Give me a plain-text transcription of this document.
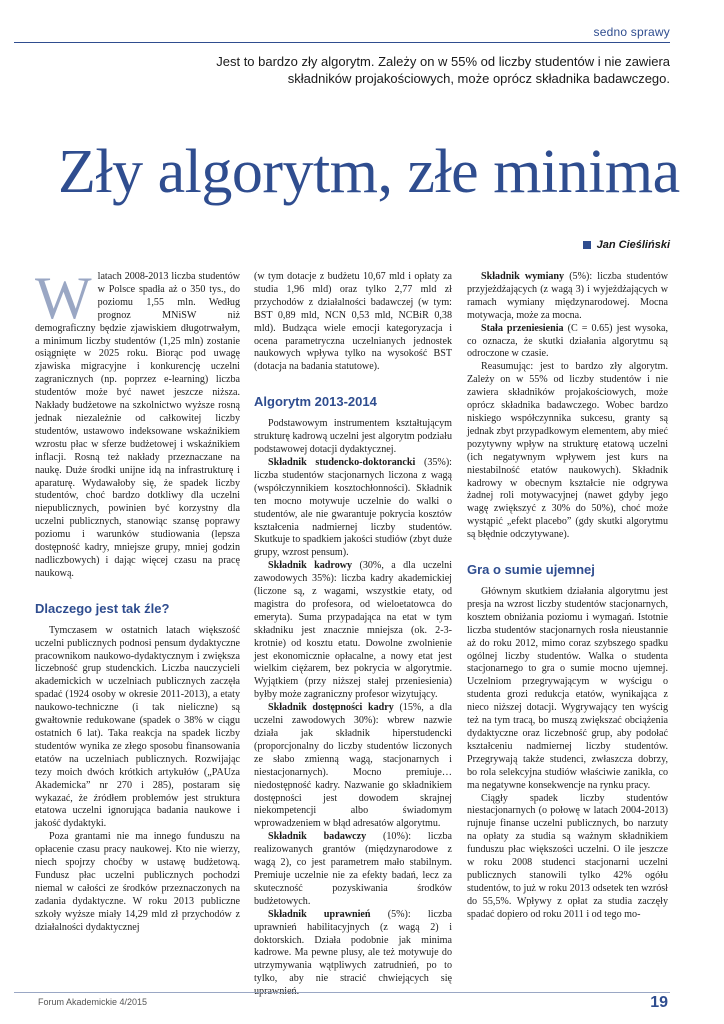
sedno sprawy
Jest to bardzo zły algorytm. Zależy on w 55% od liczby studentów i nie zawiera
składników projakościowych, może oprócz składnika badawczego.
Zły algorytm, złe minima
Jan Cieśliński

Wlatach 2008-2013 liczba studentów w Polsce spadła aż o 350 tys., do poziomu 1,55 mln. Według prognoz MNiSW niż demograficzny będzie zjawiskiem długotrwałym, a minimum liczby studentów (1,25 mln) zostanie osiągnięte w 2025 roku. Biorąc pod uwagę zjawiska migracyjne i konkurencję uczelni zagranicznych (np. poprzez e-learning) liczba studentów może być nawet jeszcze niższa. Nakłady budżetowe na szkolnictwo wyższe rosną jednak niezależnie od całkowitej liczby studentów, ustawowo indeksowane wskaźnikiem wzrostu płac w sferze budżetowej i wskaźnikiem inflacji. Rosną też nakłady przeznaczane na naukę. Duże środki unijne idą na infrastrukturę i aparaturę. Wydawałoby się, że spadek liczby studentów, choć bardzo dotkliwy dla uczelni niepublicznych, powinien być korzystny dla uczelni publicznych, stanowiąc szansę poprawy poziomu i warunków studiowania (lepsza dostępność kadry, mniejsze grupy, mniej godzin nadliczbowych) i dając więcej czasu na pracę naukową.

Dlaczego jest tak źle?

Tymczasem w ostatnich latach większość uczelni publicznych podnosi pensum dydaktyczne pracownikom naukowo-dydaktycznym i zwiększa liczebność grup studenckich. Liczba nauczycieli akademickich w uczelniach publicznych zaczęła spadać (1924 osoby w okresie 2011-2013), a etaty naukowo-techniczne (i tak nieliczne) są gwałtownie redukowane (spadek o 38% w ciągu ostatnich 6 lat). Taka reakcja na spadek liczby studentów wynika ze złego sposobu finansowania etatów na uczelniach publicznych. Rozwijając tezy moich dwóch krótkich artykułów („PAUza Akademicka” nr 270 i 285), postaram się wykazać, że źródłem problemów jest struktura etatowa uczelni ignorująca badania naukowe i jakość dydaktyki.

Poza grantami nie ma innego funduszu na opłacenie czasu pracy naukowej. Kto nie wierzy, niech spojrzy choćby w ustawę budżetową. Fundusz płac uczelni publicznych pochodzi niemal w całości ze środków przeznaczonych na zadania dydaktyczne. W roku 2013 publiczne szkoły wyższe miały 14,29 mld zł przychodów z działalności dydaktycznej

(w tym dotacje z budżetu 10,67 mld i opłaty za studia 1,96 mld) oraz tylko 2,77 mld zł przychodów z działalności badawczej (w tym: BST 0,89 mld, NCN 0,53 mld, NCBiR 0,38 mld). Budząca wiele emocji kategoryzacja i ocena parametryczna uczelnianych jednostek naukowych wpływa tylko na wysokość BST (dotacja na badania statutowe).

Algorytm 2013-2014

Podstawowym instrumentem kształtującym strukturę kadrową uczelni jest algorytm podziału podstawowej dotacji dydaktycznej.

Składnik studencko-doktorancki (35%): liczba studentów stacjonarnych liczona z wagą (współczynnikiem kosztochłonności). Składnik ten mocno motywuje uczelnie do walki o studentów, ale nie gwarantuje pokrycia kosztów kształcenia nadmiernej liczby studentów. Skutkuje to spadkiem jakości studiów (zbyt duże grupy, wzrost pensum).

Składnik kadrowy (30%, a dla uczelni zawodowych 35%): liczba kadry akademickiej (liczone są, z wagami, wszystkie etaty, od magistra do profesora, od wieloetatowca do emeryta). Suma przypadająca na etat w tym składniku jest znacznie mniejsza (ok. 2-3-krotnie) od kosztu etatu. Dowolne zwolnienie jest ekonomicznie opłacalne, a nowy etat jest wielkim ciężarem, bez pokrycia w algorytmie. Wyjątkiem (przy niższej stałej przeniesienia) byłby może zagraniczny profesor wizytujący.

Składnik dostępności kadry (15%, a dla uczelni zawodowych 30%): wbrew nazwie działa jak składnik hiperstudencki (proporcjonalny do liczby studentów liczonych ze słabo zmienną wagą, stacjonarnych i niestacjonarnych). Mocno premiuje… niedostępność kadry. Nazwanie go składnikiem dostępności jest dowodem skrajnej niekompetencji albo świadomym wprowadzeniem w błąd adresatów algorytmu.

Składnik badawczy (10%): liczba realizowanych grantów (międzynarodowe z wagą 2), co jest parametrem mało stabilnym. Premiuje uczelnie nie za efekty badań, lecz za skuteczność pozyskiwania środków budżetowych.

Składnik uprawnień (5%): liczba uprawnień habilitacyjnych (z wagą 2) i doktorskich. Działa podobnie jak minima kadrowe. Ma pewne plusy, ale też motywuje do utrzymywania wątpliwych zatrudnień, po to tylko, aby nie stracić chwiejących się uprawnień.

Składnik wymiany (5%): liczba studentów przyjeżdżających (z wagą 3) i wyjeżdżających w ramach wymiany międzynarodowej. Mocna motywacja, może za mocna.

Stała przeniesienia (C = 0.65) jest wysoka, co oznacza, że skutki działania algorytmu są odroczone w czasie.

Reasumując: jest to bardzo zły algorytm. Zależy on w 55% od liczby studentów i nie zawiera składników projakościowych, może oprócz składnika badawczego. Wobec bardzo niskiego współczynnika sukcesu, granty są jednak zbyt przypadkowym elementem, aby mieć pozytywny wpływ na strukturę etatową uczelni (ich negatywnym wpływem jest kurs na niestabilność etatów naukowych). Składnik kadrowy w obecnym kształcie nie odgrywa żadnej roli motywacyjnej (nawet gdyby jego wagę zwiększyć z 30% do 50%), choć może wystąpić „efekt placebo” (gdy skutki algorytmu są błędnie odczytywane).

Gra o sumie ujemnej

Głównym skutkiem działania algorytmu jest presja na wzrost liczby studentów stacjonarnych, kosztem obniżania poziomu i wymagań. Istotnie liczba studentów stacjonarnych rosła nieustannie aż do roku 2012, mimo coraz szybszego spadku ogólnej liczby studentów. Walka o studenta stacjonarnego to gra o sumie mocno ujemnej. Uczelniom przegrywającym w wyścigu o studenta grozi redukcja etatów, wynikająca z nieco niższej dotacji. Wygrywający ten wyścig też na tym tracą, bo muszą zwiększać obciążenia dydaktyczne oraz liczebność grup, aby podołać kształceniu nadmiernej liczby studentów. Przegrywają także studenci, zwłaszcza dobrzy, bo rola selekcyjna studiów właściwie zanikła, co ma negatywne konsekwencje na rynku pracy.

Ciągły spadek liczby studentów niestacjonarnych (o połowę w latach 2004-2013) rujnuje finanse uczelni publicznych, bo narzuty na opłaty za studia są ważnym składnikiem funduszu płac większości uczelni. O ile jeszcze w roku 2008 studenci stacjonarni uczelni publicznych stanowili tylko 42% ogółu studentów, to już w roku 2013 odsetek ten wzrósł do 55,5%. Wpływy z opłat za studia zaczęły spadać dopiero od roku 2011 i od tego mo-

Forum Akademickie 4/2015	19
